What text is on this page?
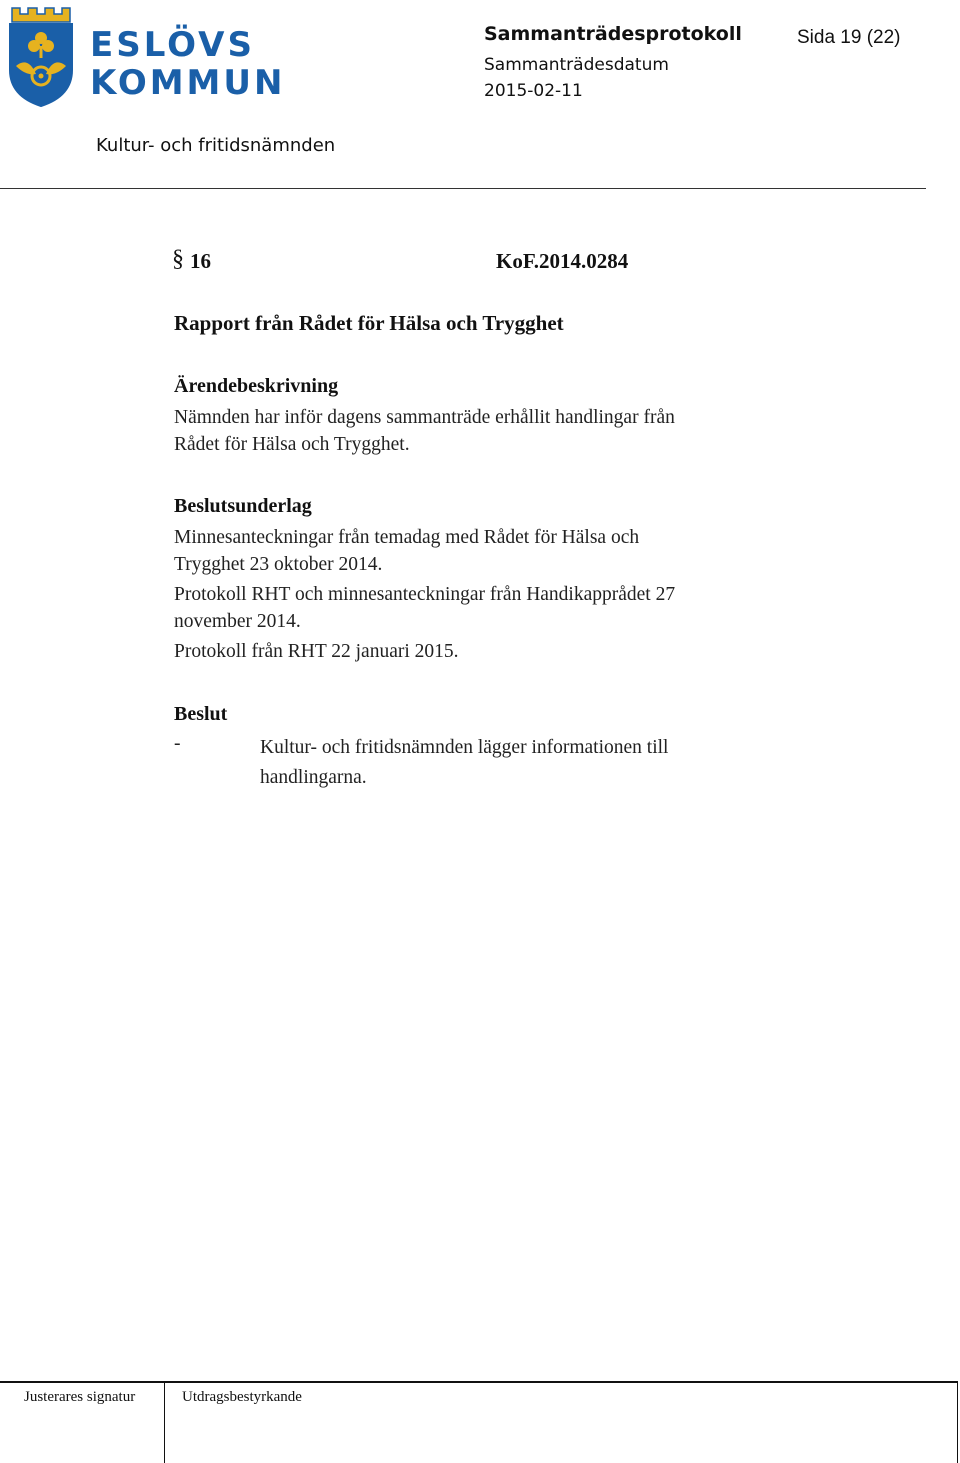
ESLÖVS
KOMMUN
Sammanträdesprotokoll	Sida 19 (22)
Sammanträdesdatum
2015-02-11
Kultur- och fritidsnämnden
§ 16	KoF.2014.0284
Rapport från Rådet för Hälsa och Trygghet
Ärendebeskrivning
Nämnden har inför dagens sammanträde erhållit handlingar från
Rådet för Hälsa och Trygghet.
Beslutsunderlag
Minnesanteckningar från temadag med Rådet för Hälsa och
Trygghet 23 oktober 2014.
Protokoll RHT och minnesanteckningar från Handikapprådet 27
november 2014.
Protokoll från RHT 22 januari 2015.
Beslut
-	Kultur- och fritidsnämnden lägger informationen till
handlingarna.
Justerares signatur	Utdragsbestyrkande
